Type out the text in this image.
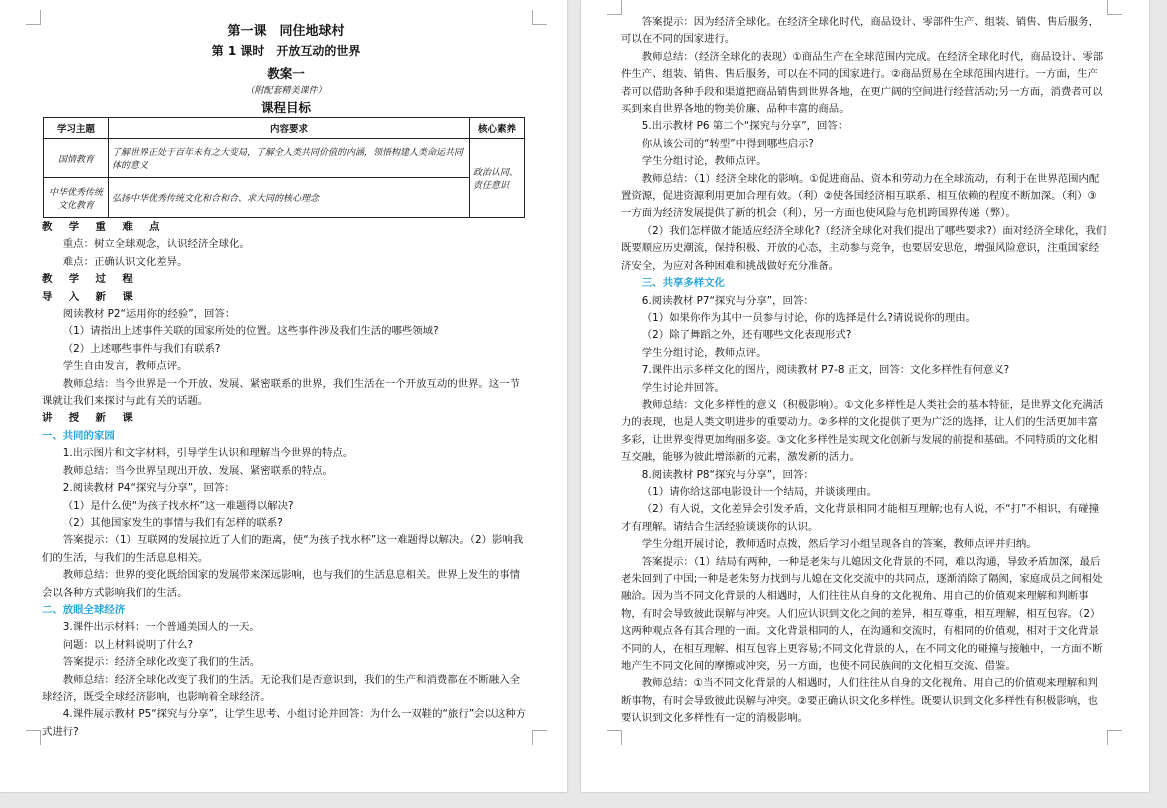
第一课　同住地球村
第 1 课时　开放互动的世界
教案一
（附配套精美课件）
课程目标
学习主题	内容要求	核心素养
国情教育	了解世界正处于百年未有之大变局，了解全人类共同价值的内涵，领悟构建人类命运共同体的意义	政治认同、责任意识
中华优秀传统文化教育	弘扬中华优秀传统文化和合和合、求大同的核心理念	

教　学　重　难　点

重点：树立全球观念，认识经济全球化。

难点：正确认识文化差异。

教　学　过　程

导　入　新　课

阅读教材 P2“运用你的经验”，回答：

（1）请指出上述事件关联的国家所处的位置。这些事件涉及我们生活的哪些领域?

（2）上述哪些事件与我们有联系?

学生自由发言，教师点评。

教师总结：当今世界是一个开放、发展、紧密联系的世界，我们生活在一个开放互动的世界。这一节课就让我们来探讨与此有关的话题。

讲　授　新　课

一、共同的家园

1.出示图片和文字材料，引导学生认识和理解当今世界的特点。

教师总结：当今世界呈现出开放、发展、紧密联系的特点。

2.阅读教材 P4“探究与分享”，回答：

（1）是什么使“为孩子找水杯”这一难题得以解决?

（2）其他国家发生的事情与我们有怎样的联系?

答案提示：（1）互联网的发展拉近了人们的距离，使“为孩子找水杯”这一难题得以解决。（2）影响我们的生活，与我们的生活息息相关。

教师总结：世界的变化既给国家的发展带来深远影响，也与我们的生活息息相关。世界上发生的事情会以各种方式影响我们的生活。

二、放眼全球经济

3.课件出示材料：一个普通美国人的一天。

问题：以上材料说明了什么?

答案提示：经济全球化改变了我们的生活。

教师总结：经济全球化改变了我们的生活。无论我们是否意识到，我们的生产和消费都在不断融入全球经济，既受全球经济影响，也影响着全球经济。

4.课件展示教材 P5“探究与分享”，让学生思考、小组讨论并回答：为什么一双鞋的“旅行”会以这种方式进行?

答案提示：因为经济全球化。在经济全球化时代，商品设计、零部件生产、组装、销售、售后服务，可以在不同的国家进行。

教师总结：（经济全球化的表现）①商品生产在全球范围内完成。在经济全球化时代，商品设计、零部件生产、组装、销售、售后服务，可以在不同的国家进行。②商品贸易在全球范围内进行。一方面，生产者可以借助各种手段和渠道把商品销售到世界各地，在更广阔的空间进行经营活动;另一方面，消费者可以买到来自世界各地的物美价廉、品种丰富的商品。

5.出示教材 P6 第二个“探究与分享”，回答：

你从该公司的“转型”中得到哪些启示?

学生分组讨论，教师点评。

教师总结：（1）经济全球化的影响。①促进商品、资本和劳动力在全球流动，有利于在世界范围内配置资源，促进资源利用更加合理有效。（利）②使各国经济相互联系、相互依赖的程度不断加深。（利）③一方面为经济发展提供了新的机会（利），另一方面也使风险与危机跨国界传递（弊）。

（2）我们怎样做才能适应经济全球化?（经济全球化对我们提出了哪些要求?）面对经济全球化，我们既要顺应历史潮流，保持积极、开放的心态，主动参与竞争，也要居安思危，增强风险意识，注重国家经济安全，为应对各种困难和挑战做好充分准备。

三、共享多样文化

6.阅读教材 P7“探究与分享”，回答：

（1）如果你作为其中一员参与讨论，你的选择是什么?请说说你的理由。

（2）除了舞蹈之外，还有哪些文化表现形式?

学生分组讨论，教师点评。

7.课件出示多样文化的图片，阅读教材 P7-8 正文，回答：文化多样性有何意义?

学生讨论并回答。

教师总结：文化多样性的意义（积极影响）。①文化多样性是人类社会的基本特征，是世界文化充满活力的表现，也是人类文明进步的重要动力。②多样的文化提供了更为广泛的选择，让人们的生活更加丰富多彩，让世界变得更加绚丽多姿。③文化多样性是实现文化创新与发展的前提和基础。不同特质的文化相互交融，能够为彼此增添新的元素，激发新的活力。

8.阅读教材 P8“探究与分享”，回答：

（1）请你给这部电影设计一个结局，并谈谈理由。

（2）有人说，文化差异会引发矛盾，文化背景相同才能相互理解;也有人说，不“打”不相识，有碰撞才有理解。请结合生活经验谈谈你的认识。

学生分组开展讨论，教师适时点拨，然后学习小组呈现各自的答案，教师点评并归纳。

答案提示：（1）结局有两种，一种是老朱与儿媳因文化背景的不同，难以沟通，导致矛盾加深，最后老朱回到了中国;一种是老朱努力找到与儿媳在文化交流中的共同点，逐渐消除了隔阂，家庭成员之间相处融洽。因为当不同文化背景的人相遇时，人们往往从自身的文化视角、用自己的价值观来理解和判断事物，有时会导致彼此误解与冲突。人们应认识到文化之间的差异，相互尊重，相互理解，相互包容。（2）这两种观点各有其合理的一面。文化背景相同的人，在沟通和交流时，有相同的价值观，相对于文化背景不同的人，在相互理解、相互包容上更容易;不同文化背景的人，在不同文化的碰撞与接触中，一方面不断地产生不同文化间的摩擦或冲突，另一方面，也使不同民族间的文化相互交流、借鉴。

教师总结：①当不同文化背景的人相遇时，人们往往从自身的文化视角、用自己的价值观来理解和判断事物，有时会导致彼此误解与冲突。②要正确认识文化多样性。既要认识到文化多样性有积极影响，也要认识到文化多样性有一定的消极影响。
